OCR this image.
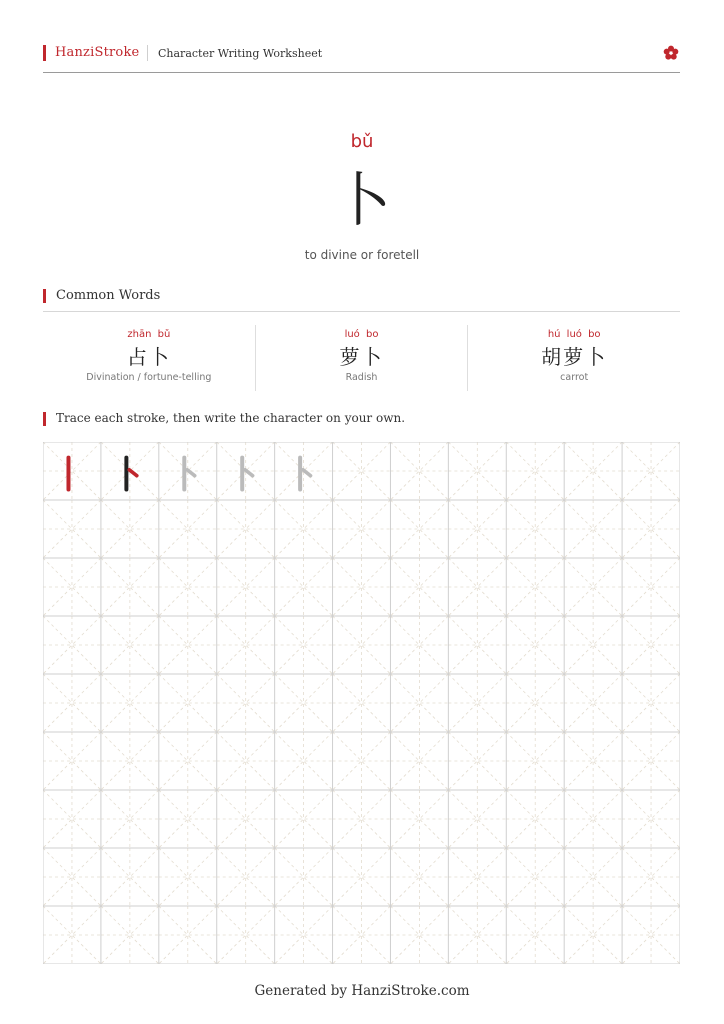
HanziStroke Character Writing Worksheet
bǔ
卜
to divine or foretell
Common Words
zhān bǔ
占卜
Divination / fortune-telling
luó bo
萝卜
Radish
hú luó bo
胡萝卜
carrot
Trace each stroke, then write the character on your own.
Generated by HanziStroke.com
